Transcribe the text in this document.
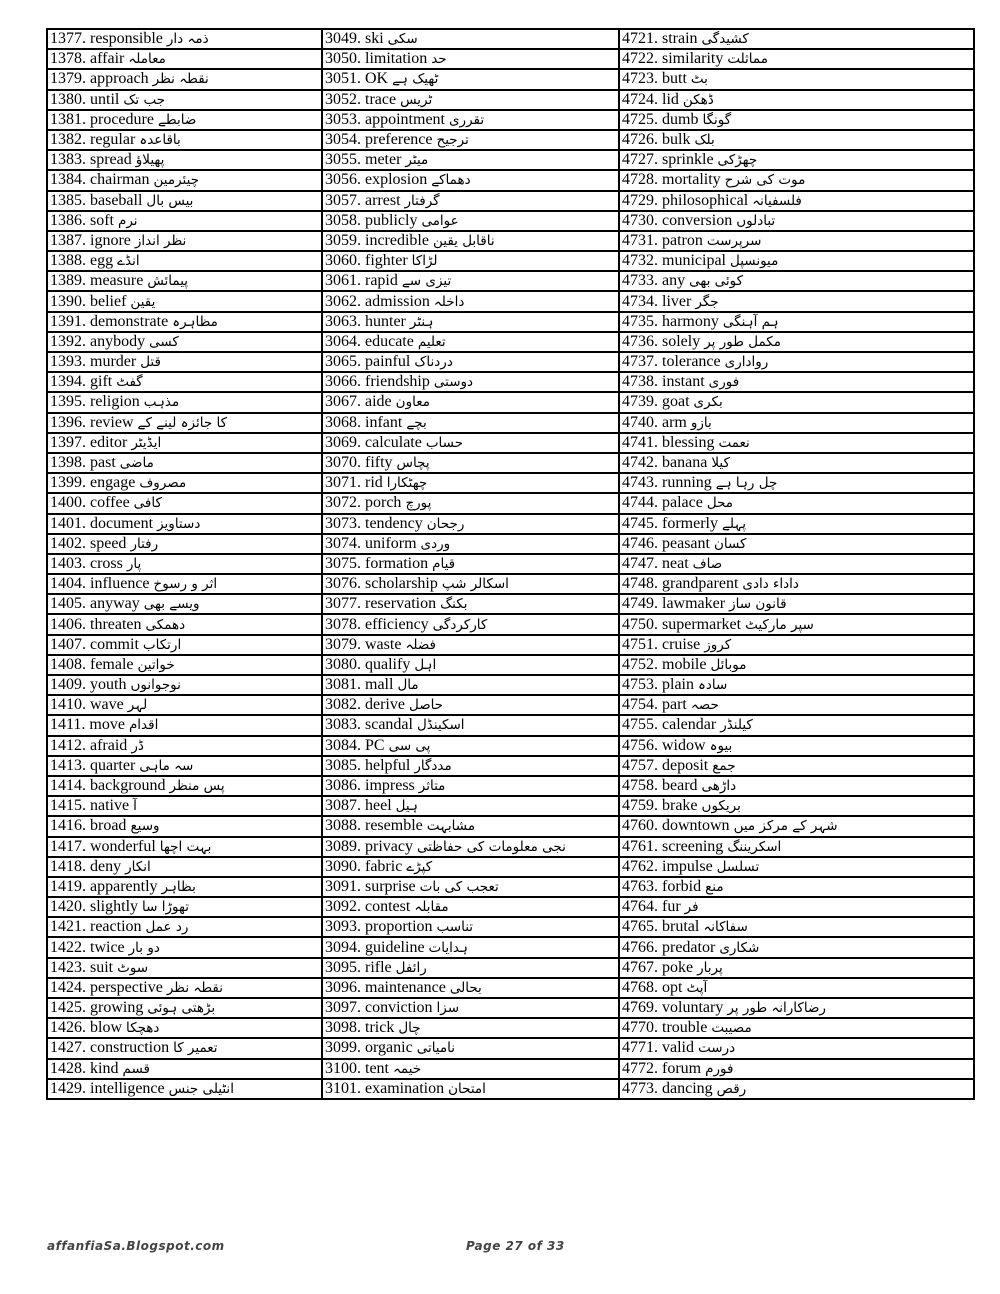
1377. responsible ذمہ دار	3049. ski سکی	4721. strain کشیدگی
1378. affair معاملہ	3050. limitation حد	4722. similarity مماثلت
1379. approach نقطہ نظر	3051. OK ٹھیک ہے	4723. butt بٹ
1380. until جب تک	3052. trace ٹریس	4724. lid ڈھکن
1381. procedure ضابطے	3053. appointment تقرری	4725. dumb گونگا
1382. regular باقاعدہ	3054. preference ترجیح	4726. bulk بلک
1383. spread پھیلاؤ	3055. meter میٹر	4727. sprinkle چھڑکی
1384. chairman چیئرمین	3056. explosion دھماکے	4728. mortality موت کی شرح
1385. baseball بیس بال	3057. arrest گرفتار	4729. philosophical فلسفیانہ
1386. soft نرم	3058. publicly عوامی	4730. conversion تبادلوں
1387. ignore نظر انداز	3059. incredible ناقابل یقین	4731. patron سرپرست
1388. egg انڈے	3060. fighter لڑاکا	4732. municipal میونسپل
1389. measure پیمائش	3061. rapid تیزی سے	4733. any کوئی بھی
1390. belief یقین	3062. admission داخلہ	4734. liver جگر
1391. demonstrate مظاہرہ	3063. hunter ہنٹر	4735. harmony ہم آہنگی
1392. anybody کسی	3064. educate تعلیم	4736. solely مکمل طور پر
1393. murder قتل	3065. painful دردناک	4737. tolerance رواداری
1394. gift گفٹ	3066. friendship دوستی	4738. instant فوری
1395. religion مذہب	3067. aide معاون	4739. goat بکری
1396. review کا جائزہ لینے کے	3068. infant بچے	4740. arm بازو
1397. editor ایڈیٹر	3069. calculate حساب	4741. blessing نعمت
1398. past ماضی	3070. fifty پچاس	4742. banana کیلا
1399. engage مصروف	3071. rid چھٹکارا	4743. running چل رہا ہے
1400. coffee کافی	3072. porch پورچ	4744. palace محل
1401. document دستاویز	3073. tendency رجحان	4745. formerly پہلے
1402. speed رفتار	3074. uniform وردی	4746. peasant کسان
1403. cross پار	3075. formation قیام	4747. neat صاف
1404. influence اثر و رسوخ	3076. scholarship اسکالر شپ	4748. grandparent داداء دادی
1405. anyway ویسے بھی	3077. reservation بکنگ	4749. lawmaker قانون ساز
1406. threaten دھمکی	3078. efficiency کارکردگی	4750. supermarket سپر مارکیٹ
1407. commit ارتکاب	3079. waste فضلہ	4751. cruise کروز
1408. female خواتین	3080. qualify اہل	4752. mobile موبائل
1409. youth نوجوانوں	3081. mall مال	4753. plain سادہ
1410. wave لہر	3082. derive حاصل	4754. part حصہ
1411. move اقدام	3083. scandal اسکینڈل	4755. calendar کیلنڈر
1412. afraid ڈر	3084. PC پی سی	4756. widow بیوہ
1413. quarter سہ ماہی	3085. helpful مددگار	4757. deposit جمع
1414. background پس منظر	3086. impress متاثر	4758. beard داڑھی
1415. native آ	3087. heel ہیل	4759. brake بریکوں
1416. broad وسیع	3088. resemble مشابہت	4760. downtown شہر کے مرکز میں
1417. wonderful بہت اچھا	3089. privacy نجی معلومات کی حفاظتی	4761. screening اسکریننگ
1418. deny انکار	3090. fabric کپڑے	4762. impulse تسلسل
1419. apparently بظاہر	3091. surprise تعجب کی بات	4763. forbid منع
1420. slightly تھوڑا سا	3092. contest مقابلہ	4764. fur فر
1421. reaction رد عمل	3093. proportion تناسب	4765. brutal سفاکانہ
1422. twice دو بار	3094. guideline ہدایات	4766. predator شکاری
1423. suit سوٹ	3095. rifle رائفل	4767. poke پربار
1424. perspective نقطہ نظر	3096. maintenance بحالی	4768. opt آپٹ
1425. growing بڑھتی ہوئی	3097. conviction سزا	4769. voluntary رضاکارانہ طور پر
1426. blow دھچکا	3098. trick چال	4770. trouble مصیبت
1427. construction تعمیر کا	3099. organic نامیاتی	4771. valid درست
1428. kind قسم	3100. tent خیمہ	4772. forum فورم
1429. intelligence انٹیلی جنس	3101. examination امتحان	4773. dancing رقص
affanfiaSa.Blogspot.com	Page 27 of 33
